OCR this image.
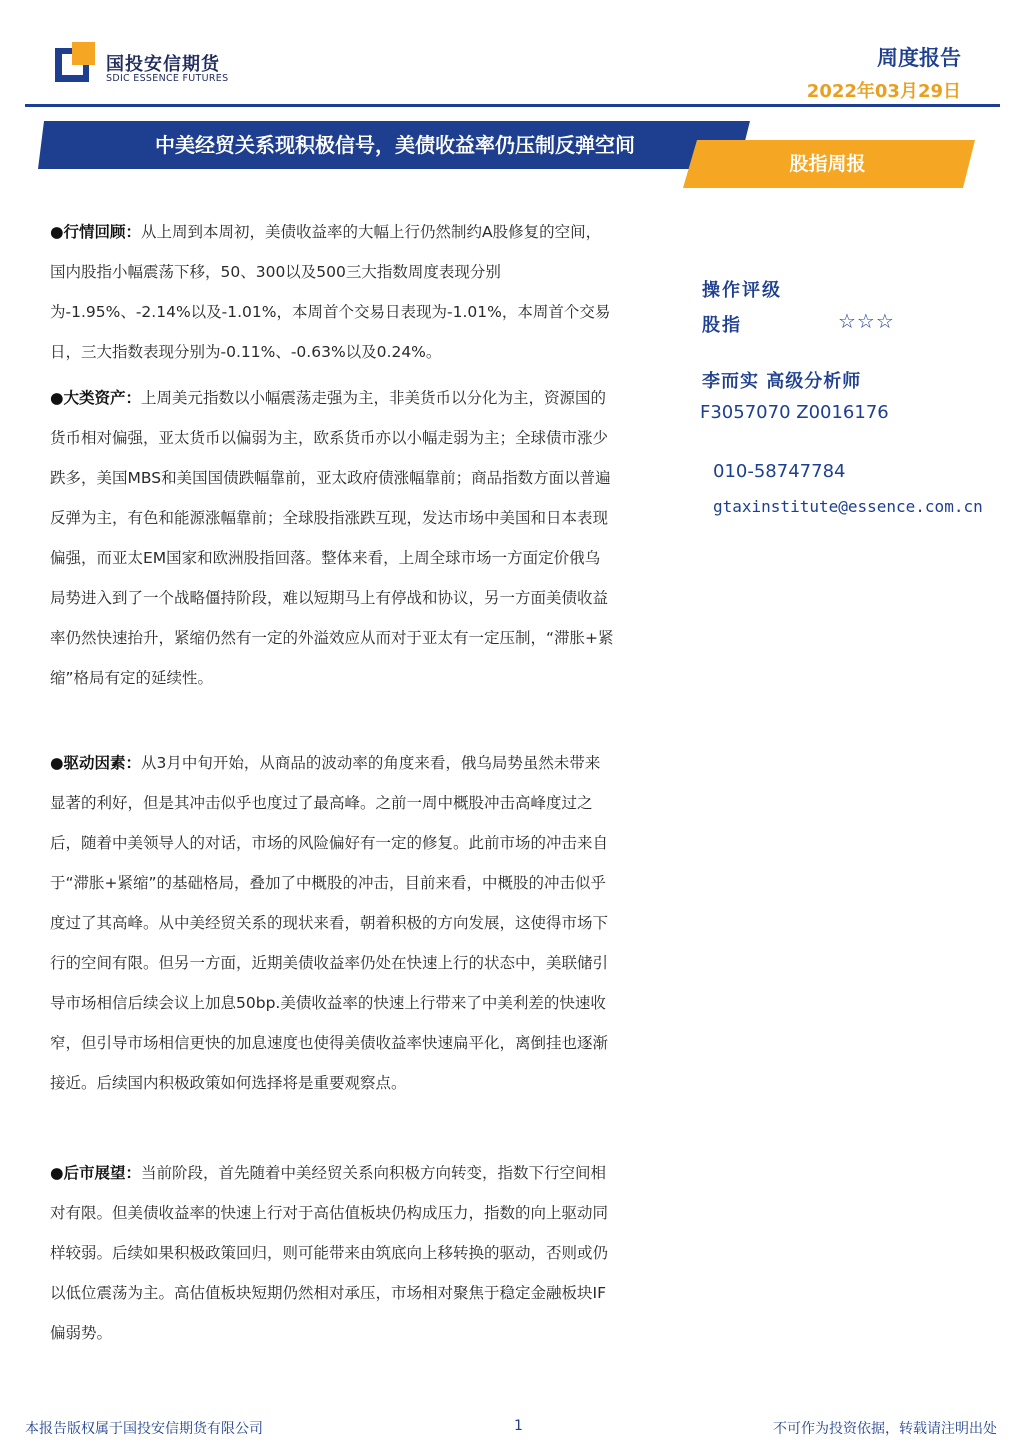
国投安信期货
SDIC ESSENCE FUTURES
周度报告
2022年03月29日
中美经贸关系现积极信号，美债收益率仍压制反弹空间
股指周报

●行情回顾：从上周到本周初，美债收益率的大幅上行仍然制约A股修复的空间，国内股指小幅震荡下移，50、300以及500三大指数周度表现分别为-1.95%、-2.14%以及-1.01%，本周首个交易日表现为-1.01%，本周首个交易日，三大指数表现分别为-0.11%、-0.63%以及0.24%。

●大类资产：上周美元指数以小幅震荡走强为主，非美货币以分化为主，资源国的货币相对偏强，亚太货币以偏弱为主，欧系货币亦以小幅走弱为主；全球债市涨少跌多，美国MBS和美国国债跌幅靠前，亚太政府债涨幅靠前；商品指数方面以普遍反弹为主，有色和能源涨幅靠前；全球股指涨跌互现，发达市场中美国和日本表现偏强，而亚太EM国家和欧洲股指回落。整体来看，上周全球市场一方面定价俄乌局势进入到了一个战略僵持阶段，难以短期马上有停战和协议，另一方面美债收益率仍然快速抬升，紧缩仍然有一定的外溢效应从而对于亚太有一定压制，“滞胀+紧缩”格局有定的延续性。

●驱动因素：从3月中旬开始，从商品的波动率的角度来看，俄乌局势虽然未带来显著的利好，但是其冲击似乎也度过了最高峰。之前一周中概股冲击高峰度过之后，随着中美领导人的对话，市场的风险偏好有一定的修复。此前市场的冲击来自于“滞胀+紧缩”的基础格局，叠加了中概股的冲击，目前来看，中概股的冲击似乎度过了其高峰。从中美经贸关系的现状来看，朝着积极的方向发展，这使得市场下行的空间有限。但另一方面，近期美债收益率仍处在快速上行的状态中，美联储引导市场相信后续会议上加息50bp.美债收益率的快速上行带来了中美利差的快速收窄，但引导市场相信更快的加息速度也使得美债收益率快速扁平化，离倒挂也逐渐接近。后续国内积极政策如何选择将是重要观察点。

●后市展望：当前阶段，首先随着中美经贸关系向积极方向转变，指数下行空间相对有限。但美债收益率的快速上行对于高估值板块仍构成压力，指数的向上驱动同样较弱。后续如果积极政策回归，则可能带来由筑底向上移转换的驱动，否则或仍以低位震荡为主。高估值板块短期仍然相对承压，市场相对聚焦于稳定金融板块IF偏弱势。

操作评级
股指	☆☆☆
李而实 高级分析师
F3057070 Z0016176
010-58747784
gtaxinstitute@essence.com.cn
本报告版权属于国投安信期货有限公司	1	不可作为投资依据，转载请注明出处
